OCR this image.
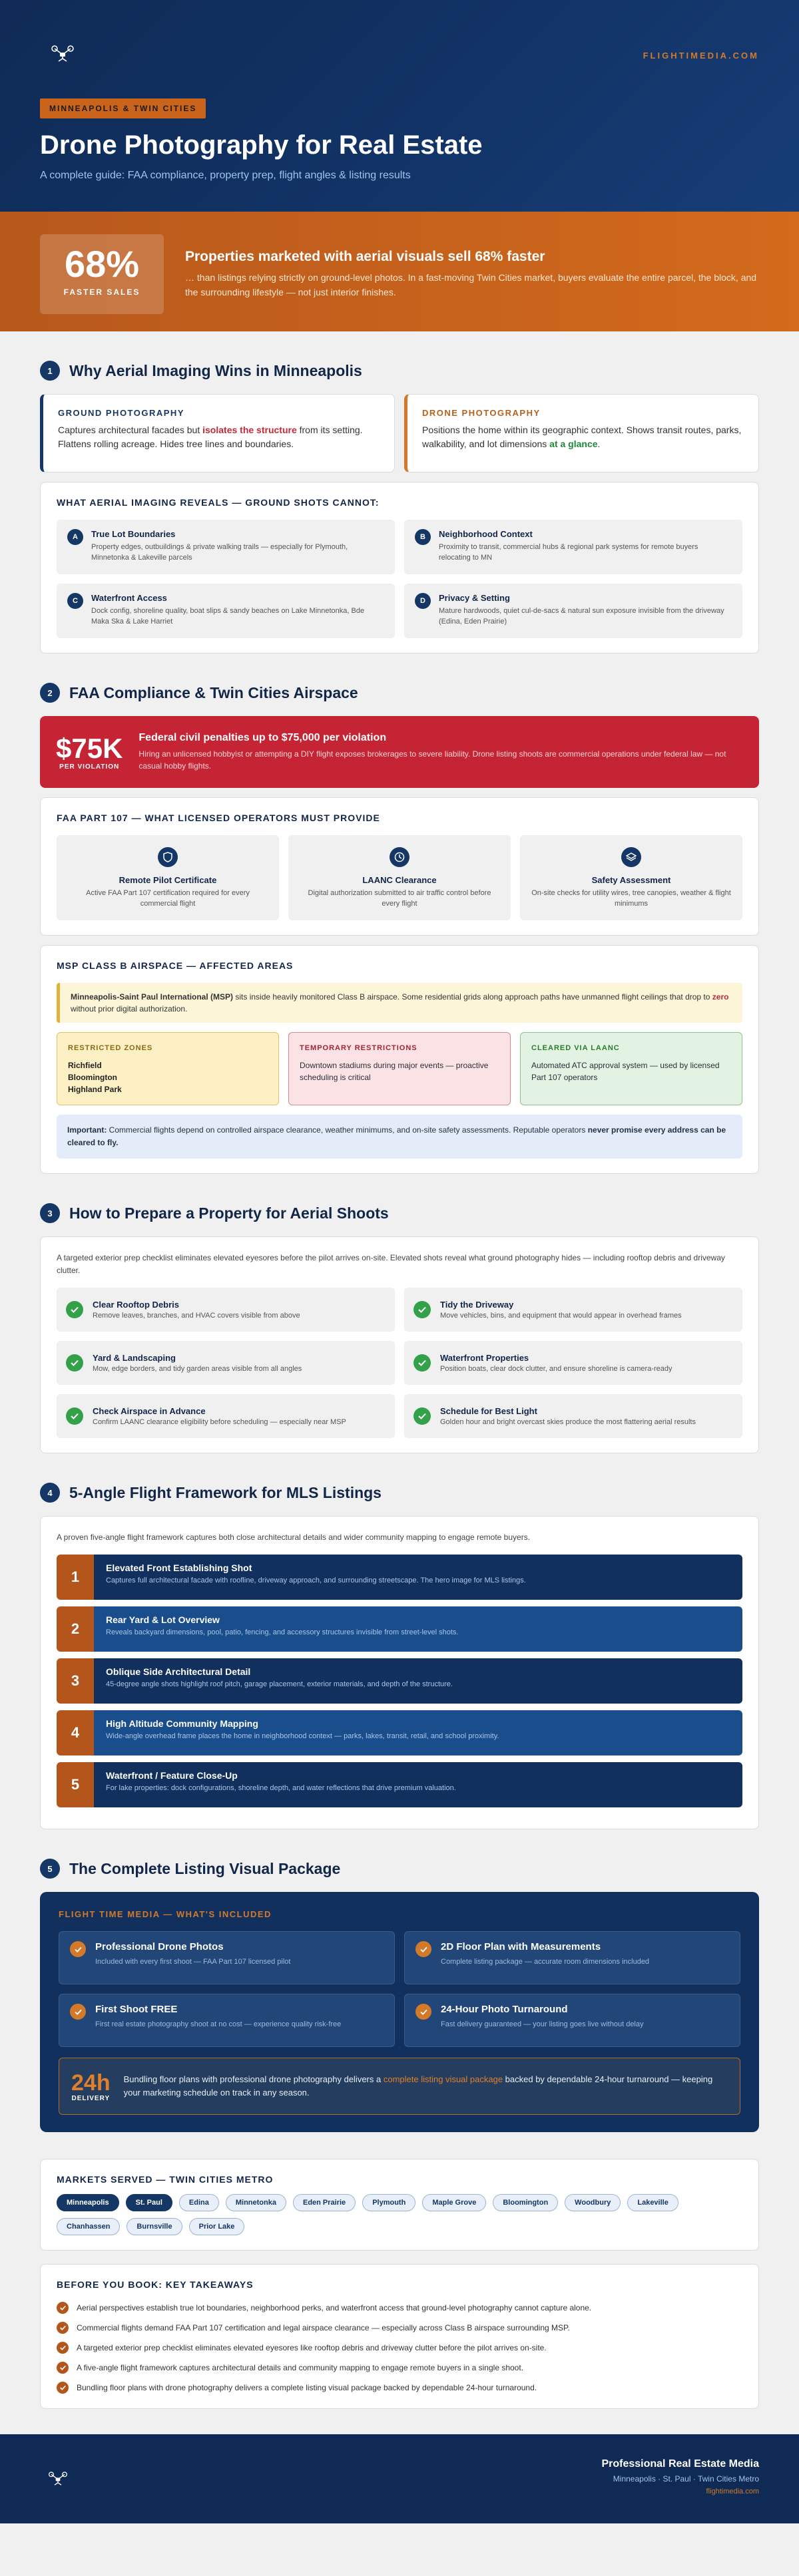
FLIGHTIMEDIA.COM
MINNEAPOLIS & TWIN CITIES
Drone Photography for Real Estate
A complete guide: FAA compliance, property prep, flight angles & listing results
68%
FASTER SALES
Properties marketed with aerial visuals sell 68% faster

… than listings relying strictly on ground-level photos. In a fast-moving Twin Cities market, buyers evaluate the entire parcel, the block, and the surrounding lifestyle — not just interior finishes.

1	Why Aerial Imaging Wins in Minneapolis
GROUND PHOTOGRAPHY

Captures architectural facades but isolates the structure from its setting. Flattens rolling acreage. Hides tree lines and boundaries.

DRONE PHOTOGRAPHY

Positions the home within its geographic context. Shows transit routes, parks, walkability, and lot dimensions at a glance.

WHAT AERIAL IMAGING REVEALS — GROUND SHOTS CANNOT:
A	True Lot Boundaries

Property edges, outbuildings & private walking trails — especially for Plymouth, Minnetonka & Lakeville parcels

B	Neighborhood Context

Proximity to transit, commercial hubs & regional park systems for remote buyers relocating to MN

C	Waterfront Access

Dock config, shoreline quality, boat slips & sandy beaches on Lake Minnetonka, Bde Maka Ska & Lake Harriet

D	Privacy & Setting

Mature hardwoods, quiet cul-de-sacs & natural sun exposure invisible from the driveway (Edina, Eden Prairie)

2	FAA Compliance & Twin Cities Airspace
$75K
PER VIOLATION
Federal civil penalties up to $75,000 per violation

Hiring an unlicensed hobbyist or attempting a DIY flight exposes brokerages to severe liability. Drone listing shoots are commercial operations under federal law — not casual hobby flights.

FAA PART 107 — WHAT LICENSED OPERATORS MUST PROVIDE
Remote Pilot Certificate

Active FAA Part 107 certification required for every commercial flight

LAANC Clearance

Digital authorization submitted to air traffic control before every flight

Safety Assessment

On-site checks for utility wires, tree canopies, weather & flight minimums

MSP CLASS B AIRSPACE — AFFECTED AREAS
Minneapolis-Saint Paul International (MSP) sits inside heavily monitored Class B airspace. Some residential grids along approach paths have unmanned flight ceilings that drop to zero without prior digital authorization.
RESTRICTED ZONES
Richfield
Bloomington
Highland Park
TEMPORARY RESTRICTIONS
Downtown stadiums during major events — proactive scheduling is critical
CLEARED VIA LAANC
Automated ATC approval system — used by licensed Part 107 operators
Important: Commercial flights depend on controlled airspace clearance, weather minimums, and on-site safety assessments. Reputable operators never promise every address can be cleared to fly.
3	How to Prepare a Property for Aerial Shoots

A targeted exterior prep checklist eliminates elevated eyesores before the pilot arrives on-site. Elevated shots reveal what ground photography hides — including rooftop debris and driveway clutter.

Clear Rooftop Debris

Remove leaves, branches, and HVAC covers visible from above

Tidy the Driveway

Move vehicles, bins, and equipment that would appear in overhead frames

Yard & Landscaping

Mow, edge borders, and tidy garden areas visible from all angles

Waterfront Properties

Position boats, clear dock clutter, and ensure shoreline is camera-ready

Check Airspace in Advance

Confirm LAANC clearance eligibility before scheduling — especially near MSP

Schedule for Best Light

Golden hour and bright overcast skies produce the most flattering aerial results

4	5-Angle Flight Framework for MLS Listings

A proven five-angle flight framework captures both close architectural details and wider community mapping to engage remote buyers.

1
Elevated Front Establishing Shot

Captures full architectural facade with roofline, driveway approach, and surrounding streetscape. The hero image for MLS listings.

2
Rear Yard & Lot Overview

Reveals backyard dimensions, pool, patio, fencing, and accessory structures invisible from street-level shots.

3
Oblique Side Architectural Detail

45-degree angle shots highlight roof pitch, garage placement, exterior materials, and depth of the structure.

4
High Altitude Community Mapping

Wide-angle overhead frame places the home in neighborhood context — parks, lakes, transit, retail, and school proximity.

5
Waterfront / Feature Close-Up

For lake properties: dock configurations, shoreline depth, and water reflections that drive premium valuation.

5	The Complete Listing Visual Package
FLIGHT TIME MEDIA — WHAT'S INCLUDED
Professional Drone Photos

Included with every first shoot — FAA Part 107 licensed pilot

2D Floor Plan with Measurements

Complete listing package — accurate room dimensions included

First Shoot FREE

First real estate photography shoot at no cost — experience quality risk-free

24-Hour Photo Turnaround

Fast delivery guaranteed — your listing goes live without delay

24h
DELIVERY

Bundling floor plans with professional drone photography delivers a complete listing visual package backed by dependable 24-hour turnaround — keeping your marketing schedule on track in any season.

MARKETS SERVED — TWIN CITIES METRO
Minneapolis	St. Paul	Edina	Minnetonka	Eden Prairie	Plymouth	Maple Grove	Bloomington	Woodbury	Lakeville
Chanhassen	Burnsville	Prior Lake
BEFORE YOU BOOK: KEY TAKEAWAYS
Aerial perspectives establish true lot boundaries, neighborhood perks, and waterfront access that ground-level photography cannot capture alone.
Commercial flights demand FAA Part 107 certification and legal airspace clearance — especially across Class B airspace surrounding MSP.
A targeted exterior prep checklist eliminates elevated eyesores like rooftop debris and driveway clutter before the pilot arrives on-site.
A five-angle flight framework captures architectural details and community mapping to engage remote buyers in a single shoot.
Bundling floor plans with drone photography delivers a complete listing visual package backed by dependable 24-hour turnaround.
Professional Real Estate Media

Minneapolis · St. Paul · Twin Cities Metro

flightimedia.com
